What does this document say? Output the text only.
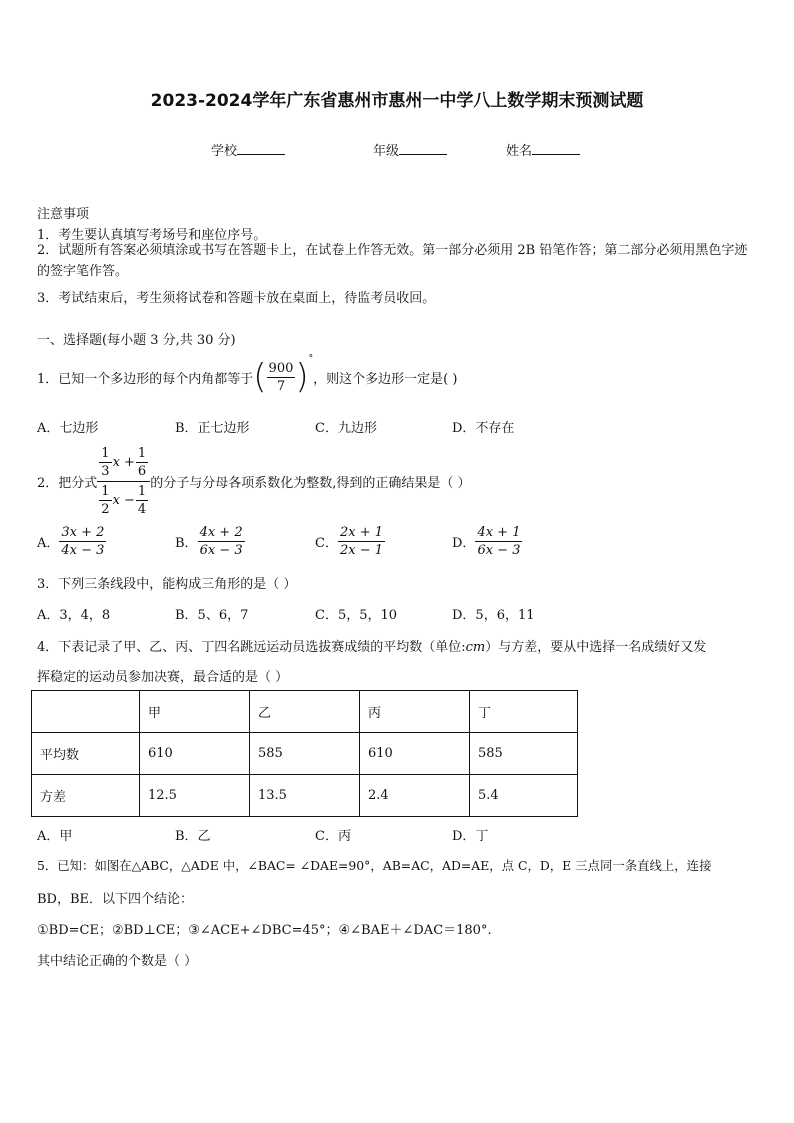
2023-2024学年广东省惠州市惠州一中学八上数学期末预测试题
学校	年级	姓名
注意事项
1．考生要认真填写考场号和座位序号。
2．试题所有答案必须填涂或书写在答题卡上，在试卷上作答无效。第一部分必须用 2B 铅笔作答；第二部分必须用黑色字迹的签字笔作答。
3．考试结束后，考生须将试卷和答题卡放在桌面上，待监考员收回。
一、选择题(每小题 3 分,共 30 分)
1．已知一个多边形的每个内角都等于 ( $\frac{900}{7}$ ) °
，则这个多边形一定是( )
A．七边形	B．正七边形	C．九边形	D．不存在
2．把分式 $\frac{\frac{1}{3} x + \frac{1}{6}}{\frac{1}{2} x - \frac{1}{4}}$ 的分子与分母各项系数化为整数,得到的正确结果是（ ）
A． $\frac{3x + 2}{4x - 3}$	B． $\frac{4x + 2}{6x - 3}$	C． $\frac{2x + 1}{2x - 1}$	D． $\frac{4x + 1}{6x - 3}$
3．下列三条线段中，能构成三角形的是（ ）
A．3，4，8	B．5、6，7	C．5，5，10	D．5，6，11
4．下表记录了甲、乙、丙、丁四名跳远运动员选拔赛成绩的平均数（单位:cm）与方差，要从中选择一名成绩好又发
挥稳定的运动员参加决赛，最合适的是（ ）
	甲	乙	丙	丁
平均数	610	585	610	585
方差	12.5	13.5	2.4	5.4
A．甲	B．乙	C．丙	D．丁
5．已知：如图在△ABC，△ADE 中，∠BAC= ∠DAE=90°，AB=AC，AD=AE，点 C，D，E 三点同一条直线上，连接
BD，BE．以下四个结论：
①BD=CE；②BD⊥CE；③∠ACE+∠DBC=45°；④∠BAE＋∠DAC＝180°.
其中结论正确的个数是（ ）
